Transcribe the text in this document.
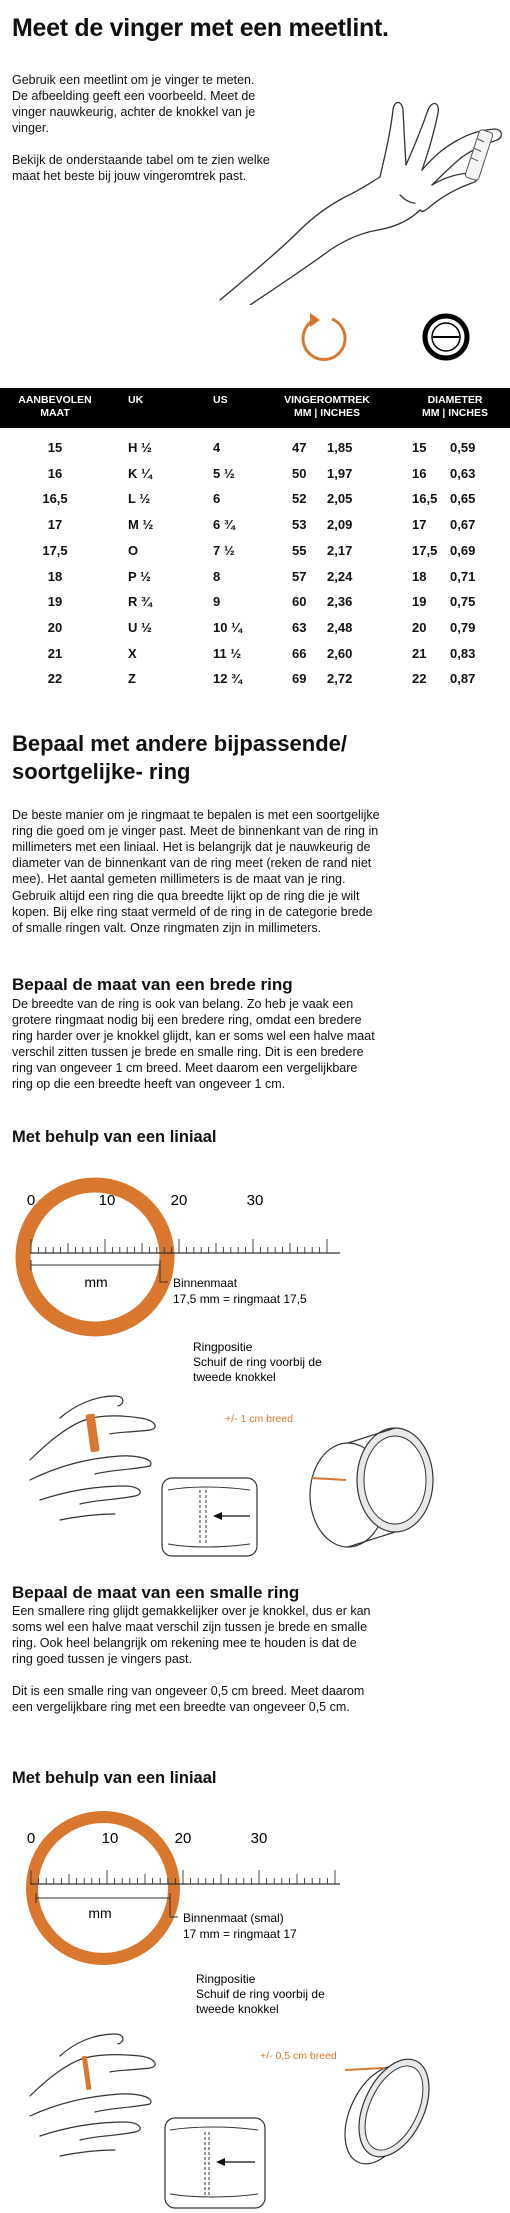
Meet de vinger met een meetlint.

Gebruik een meetlint om je vinger te meten.

De afbeelding geeft een voorbeeld. Meet de

vinger nauwkeurig, achter de knokkel van je

vinger.

Bekijk de onderstaande tabel om te zien welke

maat het beste bij jouw vingeromtrek past.

AANBEVOLEN
MAAT
UK	US	VINGEROMTREK
MM | INCHES
DIAMETER
MM | INCHES
15	H ½	4	47 1,85	15 0,59
16	K ¼	5 ½	50 1,97	16 0,63
16,5	L ½	6	52 2,05	16,5 0,65
17	M ½	6 ¾	53 2,09	17 0,67
17,5	O	7 ½	55 2,17	17,5 0,69
18	P ½	8	57 2,24	18 0,71
19	R ¾	9	60 2,36	19 0,75
20	U ½	10 ¼	63 2,48	20 0,79
21	X	11 ½	66 2,60	21 0,83
22	Z	12 ¾	69 2,72	22 0,87
Bepaal met andere bijpassende/
soortgelijke- ring

De beste manier om je ringmaat te bepalen is met een soortgelijke

ring die goed om je vinger past. Meet de binnenkant van de ring in

millimeters met een liniaal. Het is belangrijk dat je nauwkeurig de

diameter van de binnenkant van de ring meet (reken de rand niet

mee). Het aantal gemeten millimeters is de maat van je ring.

Gebruik altijd een ring die qua breedte lijkt op de ring die je wilt

kopen. Bij elke ring staat vermeld of de ring in de categorie brede

of smalle ringen valt. Onze ringmaten zijn in millimeters.

Bepaal de maat van een brede ring

De breedte van de ring is ook van belang. Zo heb je vaak een

grotere ringmaat nodig bij een bredere ring, omdat een bredere

ring harder over je knokkel glijdt, kan er soms wel een halve maat

verschil zitten tussen je brede en smalle ring. Dit is een bredere

ring van ongeveer 1 cm breed. Meet daarom een vergelijkbare

ring op die een breedte heeft van ongeveer 1 cm.

Met behulp van een liniaal
0	10	20	30
mm	Binnenmaat
17,5 mm = ringmaat 17,5
Ringpositie
Schuif de ring voorbij de
tweede knokkel
+/- 1 cm breed
Bepaal de maat van een smalle ring

Een smallere ring glijdt gemakkelijker over je knokkel, dus er kan

soms wel een halve maat verschil zijn tussen je brede en smalle

ring. Ook heel belangrijk om rekening mee te houden is dat de

ring goed tussen je vingers past.

Dit is een smalle ring van ongeveer 0,5 cm breed. Meet daarom

een vergelijkbare ring met een breedte van ongeveer 0,5 cm.

Met behulp van een liniaal
0	10	20	30
mm	Binnenmaat (smal)
17 mm = ringmaat 17
Ringpositie
Schuif de ring voorbij de
tweede knokkel
+/- 0,5 cm breed
